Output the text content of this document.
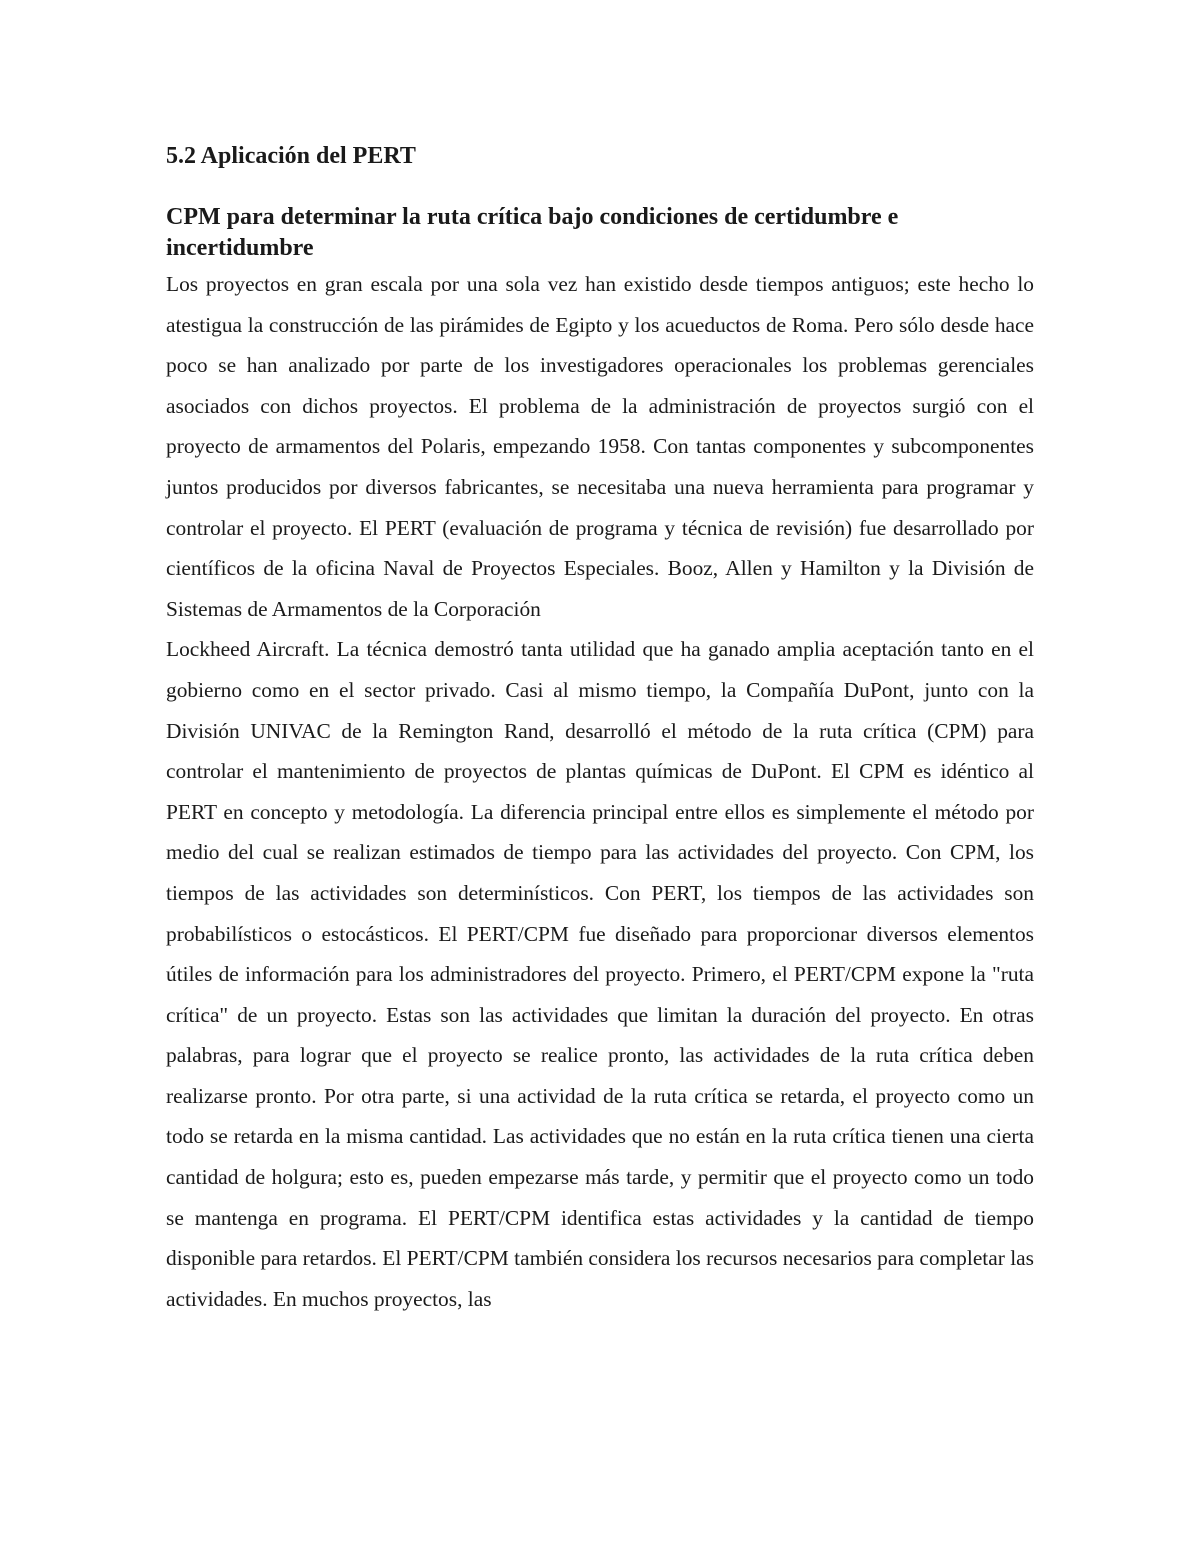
5.2 Aplicación del PERT
CPM para determinar la ruta crítica bajo condiciones de certidumbre e incertidumbre

Los proyectos en gran escala por una sola vez han existido desde tiempos antiguos; este hecho lo atestigua la construcción de las pirámides de Egipto y los acueductos de Roma. Pero sólo desde hace poco se han analizado por parte de los investigadores operacionales los problemas gerenciales asociados con dichos proyectos. El problema de la administración de proyectos surgió con el proyecto de armamentos del Polaris, empezando 1958. Con tantas componentes y subcomponentes juntos producidos por diversos fabricantes, se necesitaba una nueva herramienta para programar y controlar el proyecto. El PERT (evaluación de programa y técnica de revisión) fue desarrollado por científicos de la oficina Naval de Proyectos Especiales. Booz, Allen y Hamilton y la División de Sistemas de Armamentos de la Corporación

Lockheed Aircraft. La técnica demostró tanta utilidad que ha ganado amplia aceptación tanto en el gobierno como en el sector privado. Casi al mismo tiempo, la Compañía DuPont, junto con la División UNIVAC de la Remington Rand, desarrolló el método de la ruta crítica (CPM) para controlar el mantenimiento de proyectos de plantas químicas de DuPont. El CPM es idéntico al PERT en concepto y metodología. La diferencia principal entre ellos es simplemente el método por medio del cual se realizan estimados de tiempo para las actividades del proyecto. Con CPM, los tiempos de las actividades son determinísticos. Con PERT, los tiempos de las actividades son probabilísticos o estocásticos. El PERT/CPM fue diseñado para proporcionar diversos elementos útiles de información para los administradores del proyecto. Primero, el PERT/CPM expone la "ruta crítica" de un proyecto. Estas son las actividades que limitan la duración del proyecto. En otras palabras, para lograr que el proyecto se realice pronto, las actividades de la ruta crítica deben realizarse pronto. Por otra parte, si una actividad de la ruta crítica se retarda, el proyecto como un todo se retarda en la misma cantidad. Las actividades que no están en la ruta crítica tienen una cierta cantidad de holgura; esto es, pueden empezarse más tarde, y permitir que el proyecto como un todo se mantenga en programa. El PERT/CPM identifica estas actividades y la cantidad de tiempo disponible para retardos. El PERT/CPM también considera los recursos necesarios para completar las actividades. En muchos proyectos, las
